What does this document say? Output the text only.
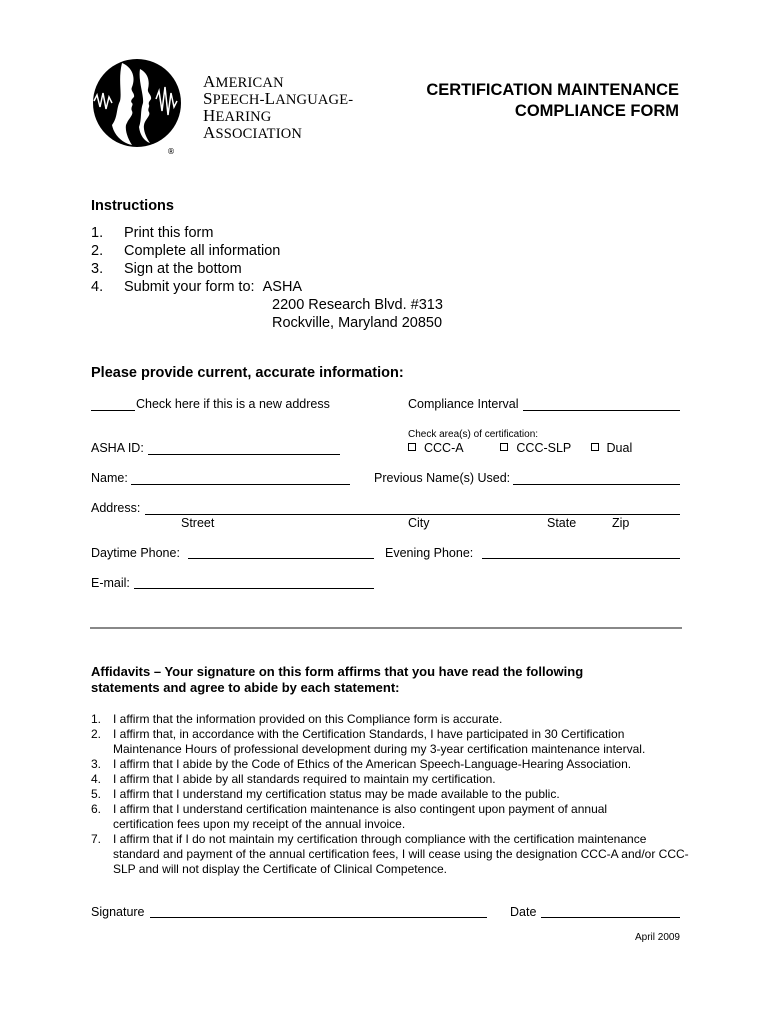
®
AMERICAN
SPEECH-LANGUAGE-
HEARING
ASSOCIATION
CERTIFICATION MAINTENANCE
COMPLIANCE FORM
Instructions
1. Print this form
2. Complete all information
3. Sign at the bottom
4. Submit your form to: ASHA
2200 Research Blvd. #313
Rockville, Maryland 20850
Please provide current, accurate information:
Check here if this is a new address	Compliance Interval
Check area(s) of certification:
CCC-A	CCC-SLP	Dual
ASHA ID:
Name:	Previous Name(s) Used:
Address:
Street	City	State	Zip
Daytime Phone:	Evening Phone:
E-mail:
Affidavits – Your signature on this form affirms that you have read the following
statements and agree to abide by each statement:
1. I affirm that the information provided on this Compliance form is accurate.
2. I affirm that, in accordance with the Certification Standards, I have participated in 30 Certification Maintenance Hours of professional development during my 3-year certification maintenance interval.
3. I affirm that I abide by the Code of Ethics of the American Speech-Language-Hearing Association.
4. I affirm that I abide by all standards required to maintain my certification.
5. I affirm that I understand my certification status may be made available to the public.
6. I affirm that I understand certification maintenance is also contingent upon payment of annual certification fees upon my receipt of the annual invoice.
7. I affirm that if I do not maintain my certification through compliance with the certification maintenance standard and payment of the annual certification fees, I will cease using the designation CCC-A and/or CCC-SLP and will not display the Certificate of Clinical Competence.
Signature	Date
April 2009
